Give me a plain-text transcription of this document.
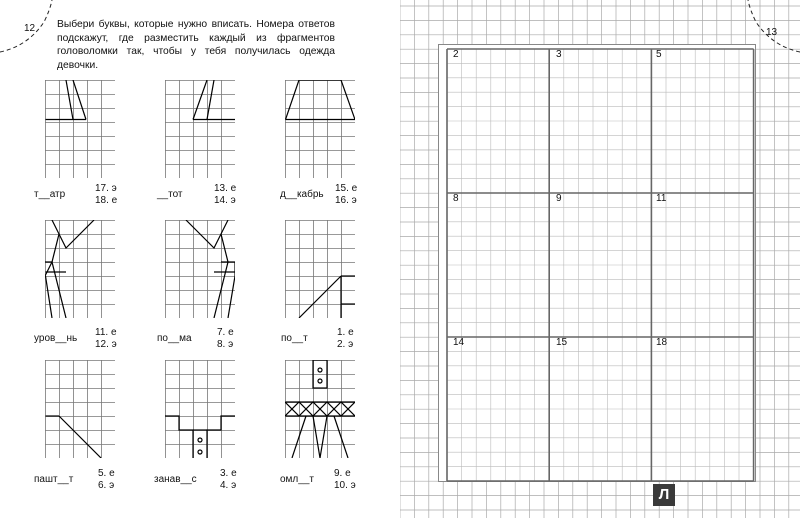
12 Выбери буквы, которые нужно вписать. Номера ответов подскажут, где разместить каждый из фрагментов головоломки так, чтобы у тебя получилась одежда девочки.
т__атр
17. э
18. е
__тот
13. е
14. э
д__кабрь
15. е
16. э
уров__нь
11. е
12. э
по__ма
7. е
8. э
по__т
1. е
2. э
пашт__т
5. е
6. э
занав__с
3. е
4. э
омл__т
9. е
10. э
13
2	3	5
8	9	11
14	15	18
Л
